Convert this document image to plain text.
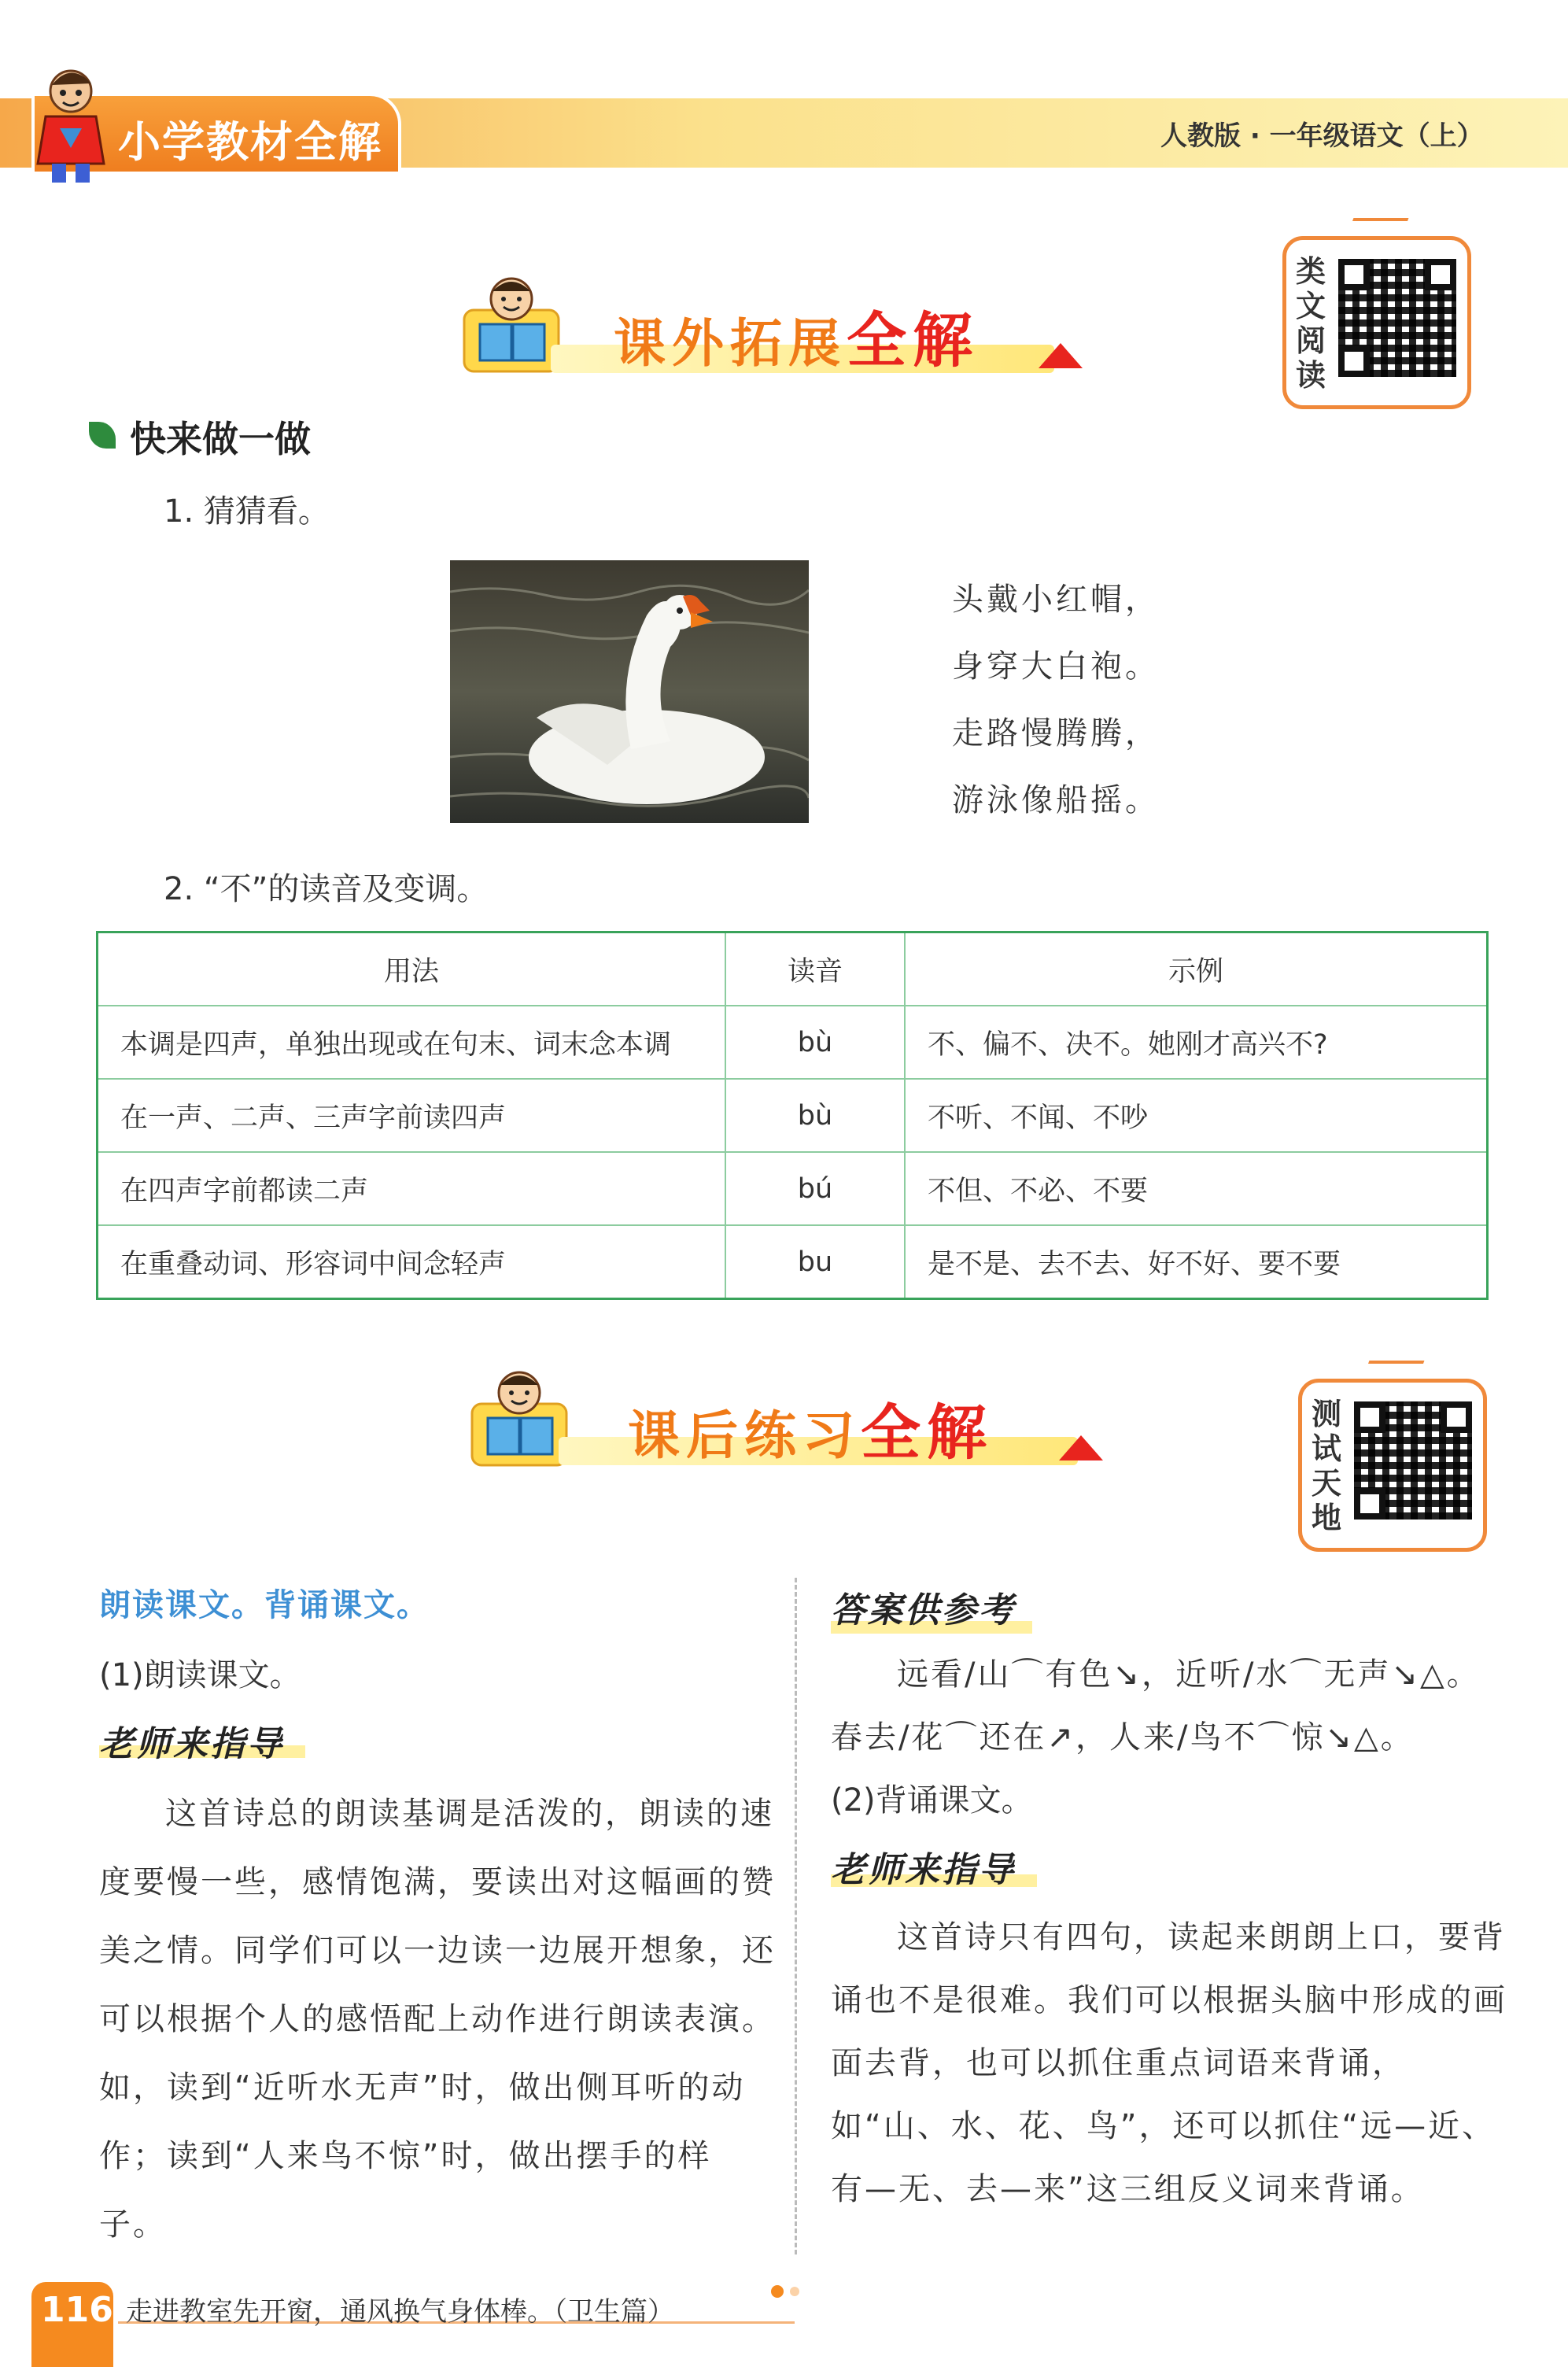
小学教材全解	人教版 · 一年级语文（上）
课外拓展全解
类
文
阅
读
快来做一做
1. 猜猜看。
头戴小红帽，
身穿大白袍。
走路慢腾腾，
游泳像船摇。
2. “不”的读音及变调。
用法	读音	示例
本调是四声，单独出现或在句末、词末念本调	bù	不、偏不、决不。她刚才高兴不?
在一声、二声、三声字前读四声	bù	不听、不闻、不吵
在四声字前都读二声	bú	不但、不必、不要
在重叠动词、形容词中间念轻声	bu	是不是、去不去、好不好、要不要
课后练习全解	测
试
天
地
朗读课文。背诵课文。
(1)朗读课文。
老师来指导
这首诗总的朗读基调是活泼的，朗读的速度要慢一些，感情饱满，要读出对这幅画的赞美之情。同学们可以一边读一边展开想象，还可以根据个人的感悟配上动作进行朗读表演。如，读到“近听水无声”时，做出侧耳听的动作；读到“人来鸟不惊”时，做出摆手的样子。
答案供参考
远看/山⌒有色↘，近听/水⌒无声↘△。
春去/花⌒还在↗，人来/鸟不⌒惊↘△。
(2)背诵课文。
老师来指导
这首诗只有四句，读起来朗朗上口，要背诵也不是很难。我们可以根据头脑中形成的画面去背，也可以抓住重点词语来背诵，如“山、水、花、鸟”，还可以抓住“远—近、有—无、去—来”这三组反义词来背诵。
116 走进教室先开窗，通风换气身体棒。（卫生篇）
